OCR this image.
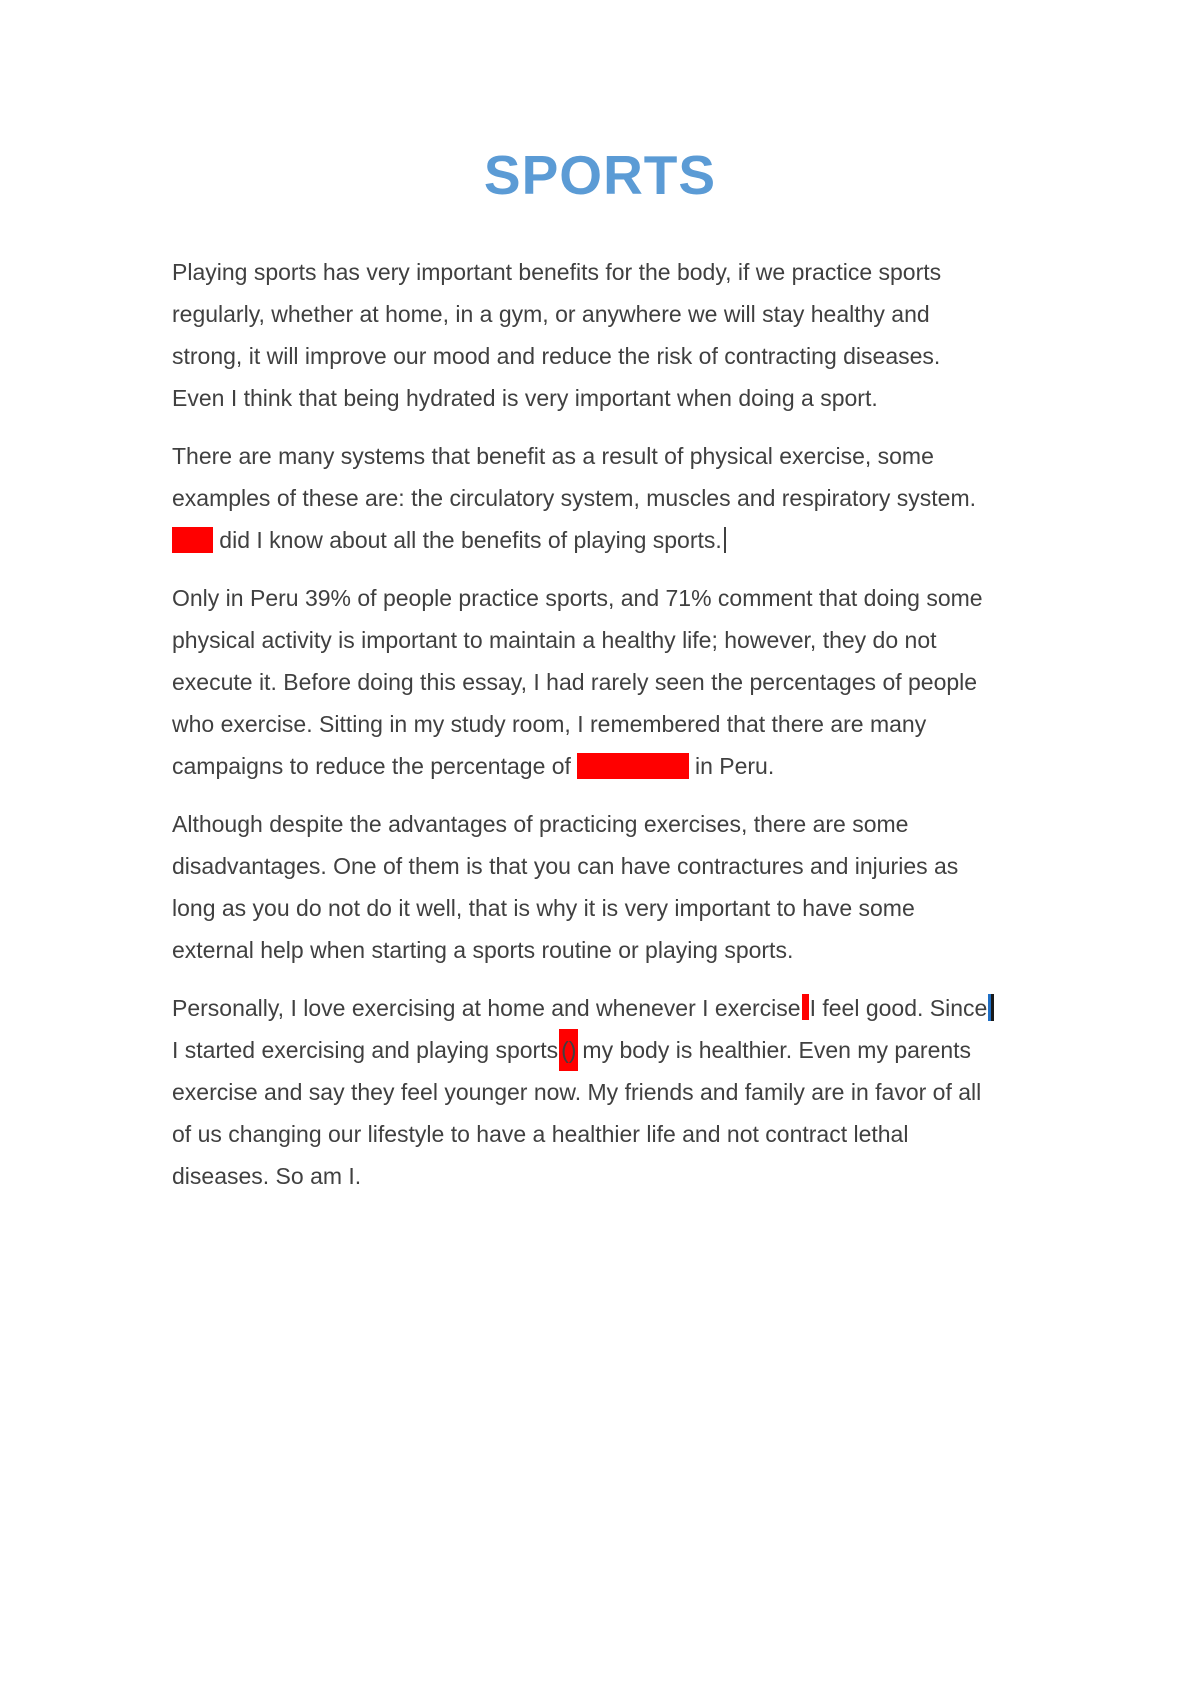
SPORTS

Playing sports has very important benefits for the body, if we practice sports
regularly, whether at home, in a gym, or anywhere we will stay healthy and
strong, it will improve our mood and reduce the risk of contracting diseases.
Even I think that being hydrated is very important when doing a sport.

There are many systems that benefit as a result of physical exercise, some
examples of these are: the circulatory system, muscles and respiratory system.
little did I know about all the benefits of playing sports.

Only in Peru 39% of people practice sports, and 71% comment that doing some
physical activity is important to maintain a healthy life; however, they do not
execute it. Before doing this essay, I had rarely seen the percentages of people
who exercise. Sitting in my study room, I remembered that there are many
campaigns to reduce the percentage of overweight in Peru.

Although despite the advantages of practicing exercises, there are some
disadvantages. One of them is that you can have contractures and injuries as
long as you do not do it well, that is why it is very important to have some
external help when starting a sports routine or playing sports.

Personally, I love exercising at home and whenever I exercise I feel good. Since
I started exercising and playing sports () my body is healthier. Even my parents
exercise and say they feel younger now. My friends and family are in favor of all
of us changing our lifestyle to have a healthier life and not contract lethal
diseases. So am I.
